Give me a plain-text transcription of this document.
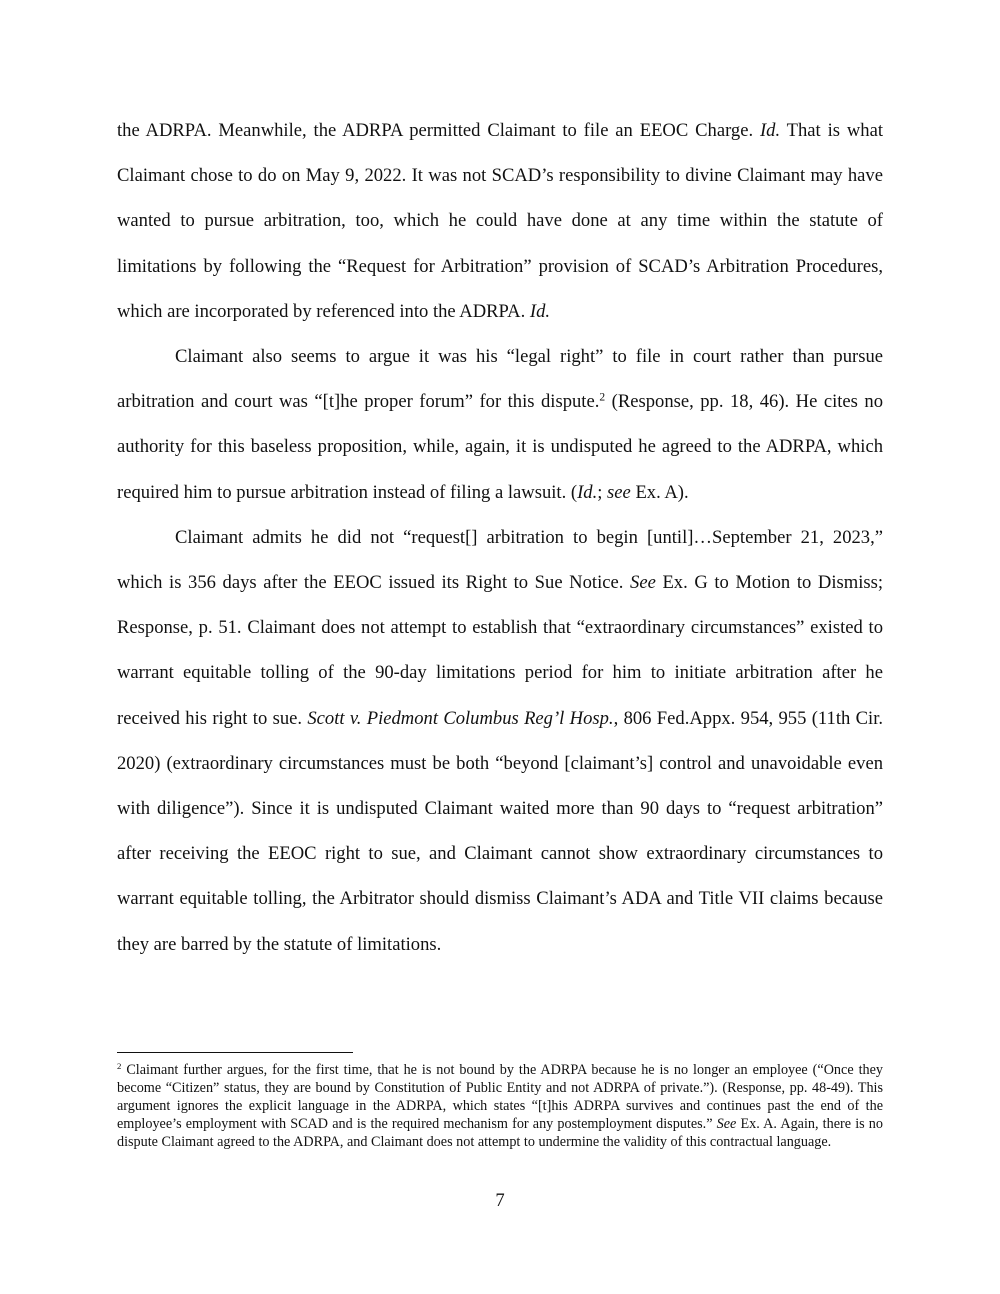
the ADRPA. Meanwhile, the ADRPA permitted Claimant to file an EEOC Charge. Id. That is what Claimant chose to do on May 9, 2022. It was not SCAD’s responsibility to divine Claimant may have wanted to pursue arbitration, too, which he could have done at any time within the statute of limitations by following the “Request for Arbitration” provision of SCAD’s Arbitration Procedures, which are incorporated by referenced into the ADRPA. Id.

Claimant also seems to argue it was his “legal right” to file in court rather than pursue arbitration and court was “[t]he proper forum” for this dispute.$^2$ (Response, pp. 18, 46). He cites no authority for this baseless proposition, while, again, it is undisputed he agreed to the ADRPA, which required him to pursue arbitration instead of filing a lawsuit. (Id.; see Ex. A).

Claimant admits he did not “request[] arbitration to begin [until]…September 21, 2023,” which is 356 days after the EEOC issued its Right to Sue Notice. See Ex. G to Motion to Dismiss; Response, p. 51. Claimant does not attempt to establish that “extraordinary circumstances” existed to warrant equitable tolling of the 90-day limitations period for him to initiate arbitration after he received his right to sue. Scott v. Piedmont Columbus Reg’l Hosp., 806 Fed.Appx. 954, 955 (11th Cir. 2020) (extraordinary circumstances must be both “beyond [claimant’s] control and unavoidable even with diligence”). Since it is undisputed Claimant waited more than 90 days to “request arbitration” after receiving the EEOC right to sue, and Claimant cannot show extraordinary circumstances to warrant equitable tolling, the Arbitrator should dismiss Claimant’s ADA and Title VII claims because they are barred by the statute of limitations.

$^2$ Claimant further argues, for the first time, that he is not bound by the ADRPA because he is no longer an employee (“Once they become “Citizen” status, they are bound by Constitution of Public Entity and not ADRPA of private.”). (Response, pp. 48-49). This argument ignores the explicit language in the ADRPA, which states “[t]his ADRPA survives and continues past the end of the employee’s employment with SCAD and is the required mechanism for any postemployment disputes.” See Ex. A. Again, there is no dispute Claimant agreed to the ADRPA, and Claimant does not attempt to undermine the validity of this contractual language.

7
